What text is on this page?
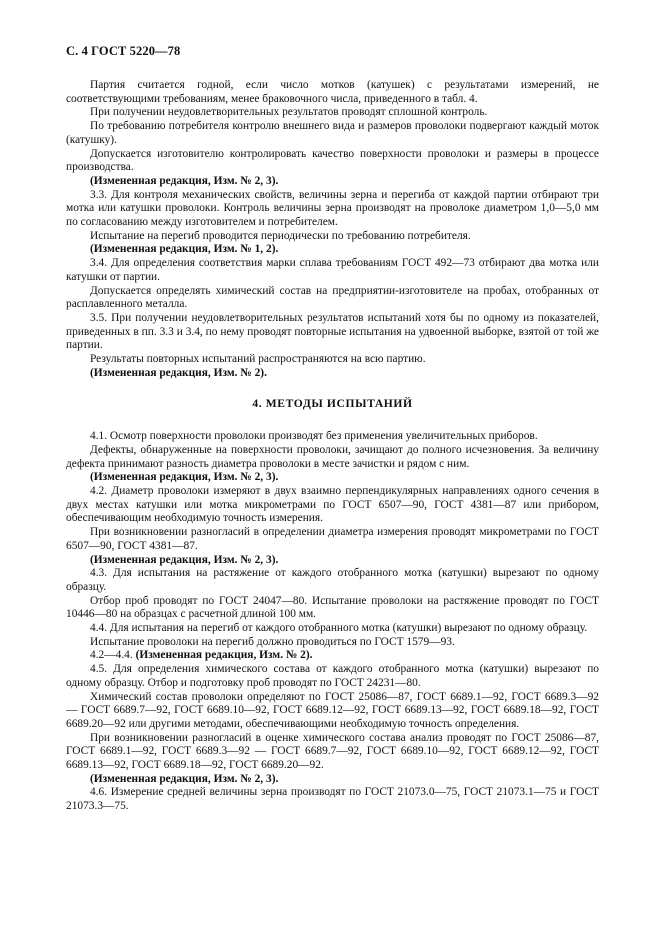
С. 4 ГОСТ 5220—78

Партия считается годной, если число мотков (катушек) с результатами измерений, не соответствующими требованиям, менее браковочного числа, приведенного в табл. 4.

При получении неудовлетворительных результатов проводят сплошной контроль.

По требованию потребителя контролю внешнего вида и размеров проволоки подвергают каждый моток (катушку).

Допускается изготовителю контролировать качество поверхности проволоки и размеры в процессе производства.

(Измененная редакция, Изм. № 2, 3).

3.3. Для контроля механических свойств, величины зерна и перегиба от каждой партии отбирают три мотка или катушки проволоки. Контроль величины зерна производят на проволоке диаметром 1,0—5,0 мм по согласованию между изготовителем и потребителем.

Испытание на перегиб проводится периодически по требованию потребителя.

(Измененная редакция, Изм. № 1, 2).

3.4. Для определения соответствия марки сплава требованиям ГОСТ 492—73 отбирают два мотка или катушки от партии.

Допускается определять химический состав на предприятии-изготовителе на пробах, отобранных от расплавленного металла.

3.5. При получении неудовлетворительных результатов испытаний хотя бы по одному из показателей, приведенных в пп. 3.3 и 3.4, по нему проводят повторные испытания на удвоенной выборке, взятой от той же партии.

Результаты повторных испытаний распространяются на всю партию.

(Измененная редакция, Изм. № 2).

4. МЕТОДЫ ИСПЫТАНИЙ

4.1. Осмотр поверхности проволоки производят без применения увеличительных приборов.

Дефекты, обнаруженные на поверхности проволоки, зачищают до полного исчезновения. За величину дефекта принимают разность диаметра проволоки в месте зачистки и рядом с ним.

(Измененная редакция, Изм. № 2, 3).

4.2. Диаметр проволоки измеряют в двух взаимно перпендикулярных направлениях одного сечения в двух местах катушки или мотка микрометрами по ГОСТ 6507—90, ГОСТ 4381—87 или прибором, обеспечивающим необходимую точность измерения.

При возникновении разногласий в определении диаметра измерения проводят микрометрами по ГОСТ 6507—90, ГОСТ 4381—87.

(Измененная редакция, Изм. № 2, 3).

4.3. Для испытания на растяжение от каждого отобранного мотка (катушки) вырезают по одному образцу.

Отбор проб проводят по ГОСТ 24047—80. Испытание проволоки на растяжение проводят по ГОСТ 10446—80 на образцах с расчетной длиной 100 мм.

4.4. Для испытания на перегиб от каждого отобранного мотка (катушки) вырезают по одному образцу.

Испытание проволоки на перегиб должно проводиться по ГОСТ 1579—93.

4.2—4.4. (Измененная редакция, Изм. № 2).

4.5. Для определения химического состава от каждого отобранного мотка (катушки) вырезают по одному образцу. Отбор и подготовку проб проводят по ГОСТ 24231—80.

Химический состав проволоки определяют по ГОСТ 25086—87, ГОСТ 6689.1—92, ГОСТ 6689.3—92 — ГОСТ 6689.7—92, ГОСТ 6689.10—92, ГОСТ 6689.12—92, ГОСТ 6689.13—92, ГОСТ 6689.18—92, ГОСТ 6689.20—92 или другими методами, обеспечивающими необходимую точность определения.

При возникновении разногласий в оценке химического состава анализ проводят по ГОСТ 25086—87, ГОСТ 6689.1—92, ГОСТ 6689.3—92 — ГОСТ 6689.7—92, ГОСТ 6689.10—92, ГОСТ 6689.12—92, ГОСТ 6689.13—92, ГОСТ 6689.18—92, ГОСТ 6689.20—92.

(Измененная редакция, Изм. № 2, 3).

4.6. Измерение средней величины зерна производят по ГОСТ 21073.0—75, ГОСТ 21073.1—75 и ГОСТ 21073.3—75.
